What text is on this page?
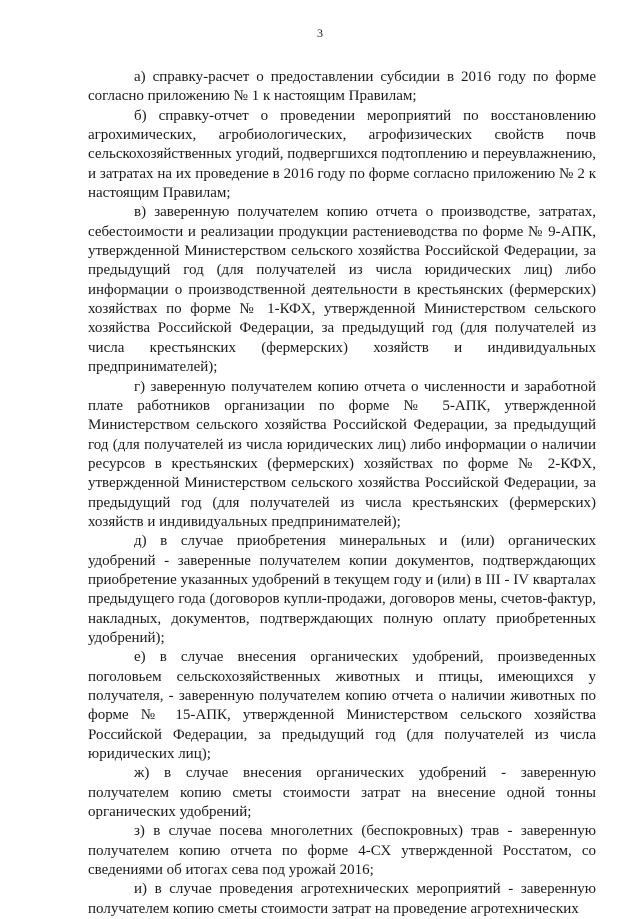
3

а) справку-расчет о предоставлении субсидии в 2016 году по форме согласно приложению № 1 к настоящим Правилам;

б) справку-отчет о проведении мероприятий по восстановлению агрохимических, агробиологических, агрофизических свойств почв сельскохозяйственных угодий, подвергшихся подтоплению и переувлажнению, и затратах на их проведение в 2016 году по форме согласно приложению № 2 к настоящим Правилам;

в) заверенную получателем копию отчета о производстве, затратах, себестоимости и реализации продукции растениеводства по форме № 9-АПК, утвержденной Министерством сельского хозяйства Российской Федерации, за предыдущий год (для получателей из числа юридических лиц) либо информации о производственной деятельности в крестьянских (фермерских) хозяйствах по форме № 1-КФХ, утвержденной Министерством сельского хозяйства Российской Федерации, за предыдущий год (для получателей из числа крестьянских (фермерских) хозяйств и индивидуальных предпринимателей);

г) заверенную получателем копию отчета о численности и заработной плате работников организации по форме № 5-АПК, утвержденной Министерством сельского хозяйства Российской Федерации, за предыдущий год (для получателей из числа юридических лиц) либо информации о наличии ресурсов в крестьянских (фермерских) хозяйствах по форме № 2-КФХ, утвержденной Министерством сельского хозяйства Российской Федерации, за предыдущий год (для получателей из числа крестьянских (фермерских) хозяйств и индивидуальных предпринимателей);

д) в случае приобретения минеральных и (или) органических удобрений - заверенные получателем копии документов, подтверждающих приобретение указанных удобрений в текущем году и (или) в III - IV кварталах предыдущего года (договоров купли-продажи, договоров мены, счетов-фактур, накладных, документов, подтверждающих полную оплату приобретенных удобрений);

е) в случае внесения органических удобрений, произведенных поголовьем сельскохозяйственных животных и птицы, имеющихся у получателя, - заверенную получателем копию отчета о наличии животных по форме № 15-АПК, утвержденной Министерством сельского хозяйства Российской Федерации, за предыдущий год (для получателей из числа юридических лиц);

ж) в случае внесения органических удобрений - заверенную получателем копию сметы стоимости затрат на внесение одной тонны органических удобрений;

з) в случае посева многолетних (беспокровных) трав - заверенную получателем копию отчета по форме 4-СХ утвержденной Росстатом, со сведениями об итогах сева под урожай 2016;

и) в случае проведения агротехнических мероприятий - заверенную получателем копию сметы стоимости затрат на проведение агротехнических
